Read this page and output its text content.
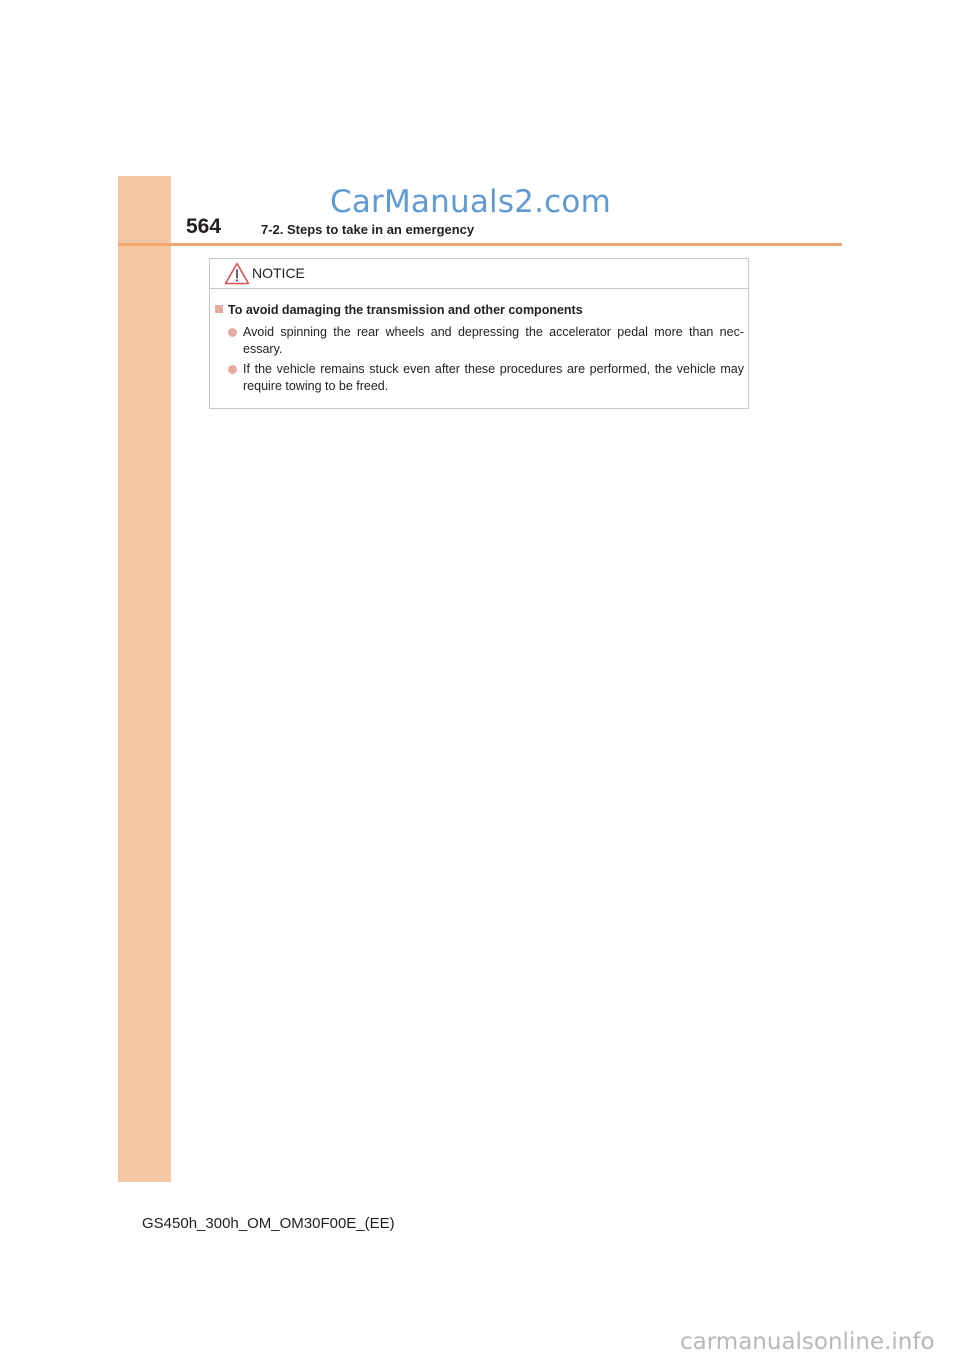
CarManuals2.com
564	7-2. Steps to take in an emergency
NOTICE
To avoid damaging the transmission and other components
Avoid spinning the rear wheels and depressing the accelerator pedal more than nec-essary.
If the vehicle remains stuck even after these procedures are performed, the vehicle may require towing to be freed.
GS450h_300h_OM_OM30F00E_(EE)
carmanualsonline.info
